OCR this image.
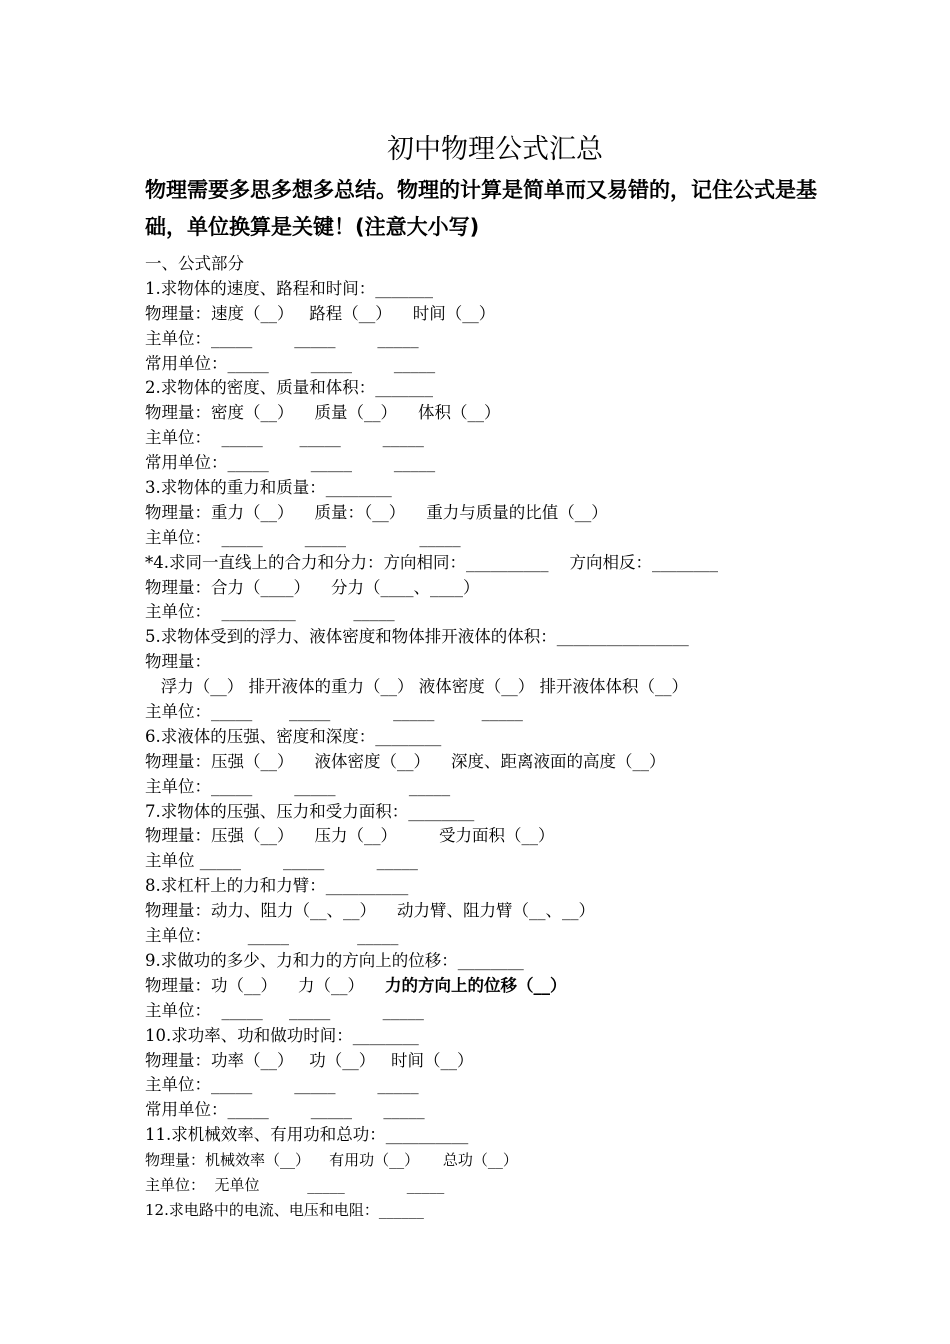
初中物理公式汇总

物理需要多思多想多总结。物理的计算是简单而又易错的，记住公式是基础，单位换算是关键！(注意大小写)

一、公式部分
1.求物体的速度、路程和时间：_______
物理量：速度（__）   路程（__）    时间（__）
主单位：_____        _____        _____
常用单位：_____        _____        _____
2.求物体的密度、质量和体积：_______
物理量：密度（__）    质量（__）    体积（__）
主单位：  _____       _____        _____
常用单位：_____        _____        _____
3.求物体的重力和质量：________
物理量：重力（__）    质量：（__）    重力与质量的比值（__）
主单位：  _____        _____              _____
*4.求同一直线上的合力和分力：方向相同：__________    方向相反：________
物理量：合力（____）    分力（____、____）
主单位：  _________           _____
5.求物体受到的浮力、液体密度和物体排开液体的体积：________________
物理量：
浮力（__） 排开液体的重力（__） 液体密度（__） 排开液体体积（__）
主单位：_____       _____            _____         _____
6.求液体的压强、密度和深度：________
物理量：压强（__）    液体密度（__）    深度、距离液面的高度（__）
主单位：_____        _____              _____
7.求物体的压强、压力和受力面积：________
物理量：压强（__）    压力（__）        受力面积（__）
主单位 _____        _____          _____
8.求杠杆上的力和力臂：__________
物理量：动力、阻力（__、__）    动力臂、阻力臂（__、__）
主单位：       _____             _____
9.求做功的多少、力和力的方向上的位移：________
物理量：功（__）    力（__）    力的方向上的位移（__）
主单位：  _____     _____          _____
10.求功率、功和做功时间：________
物理量：功率（__）   功（__）   时间（__）
主单位：_____        _____        _____
常用单位：_____        _____      _____
11.求机械效率、有用功和总功：__________
物理量：机械效率（__）    有用功（__）     总功（__）
主单位：  无单位          _____             _____
12.求电路中的电流、电压和电阻：______
